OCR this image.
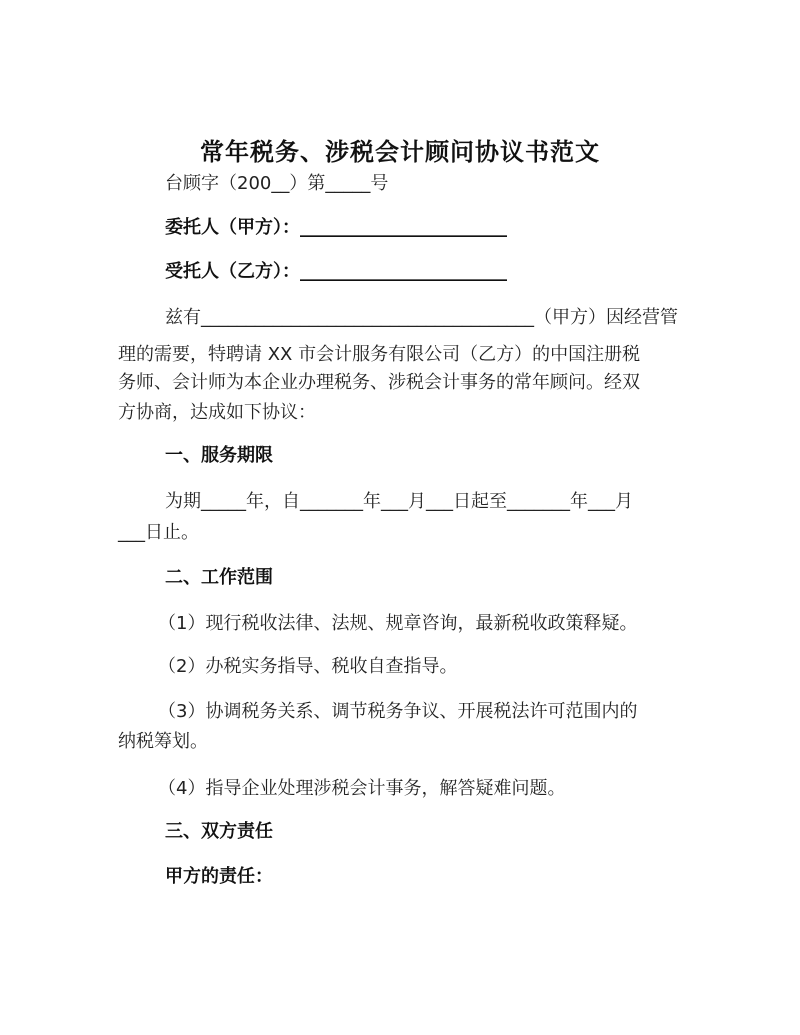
常年税务、涉税会计顾问协议书范文
台顾字（200__）第_____号
委托人（甲方）：_______________________
受托人（乙方）：_______________________
兹有_____________________________________（甲方）因经营管
理的需要，特聘请 XX 市会计服务有限公司（乙方）的中国注册税
务师、会计师为本企业办理税务、涉税会计事务的常年顾问。经双
方协商，达成如下协议：
一、服务期限
为期_____年，自_______年___月___日起至_______年___月
___日止。
二、工作范围
（1）现行税收法律、法规、规章咨询，最新税收政策释疑。
（2）办税实务指导、税收自查指导。
（3）协调税务关系、调节税务争议、开展税法许可范围内的
纳税筹划。
（4）指导企业处理涉税会计事务，解答疑难问题。
三、双方责任
甲方的责任：
